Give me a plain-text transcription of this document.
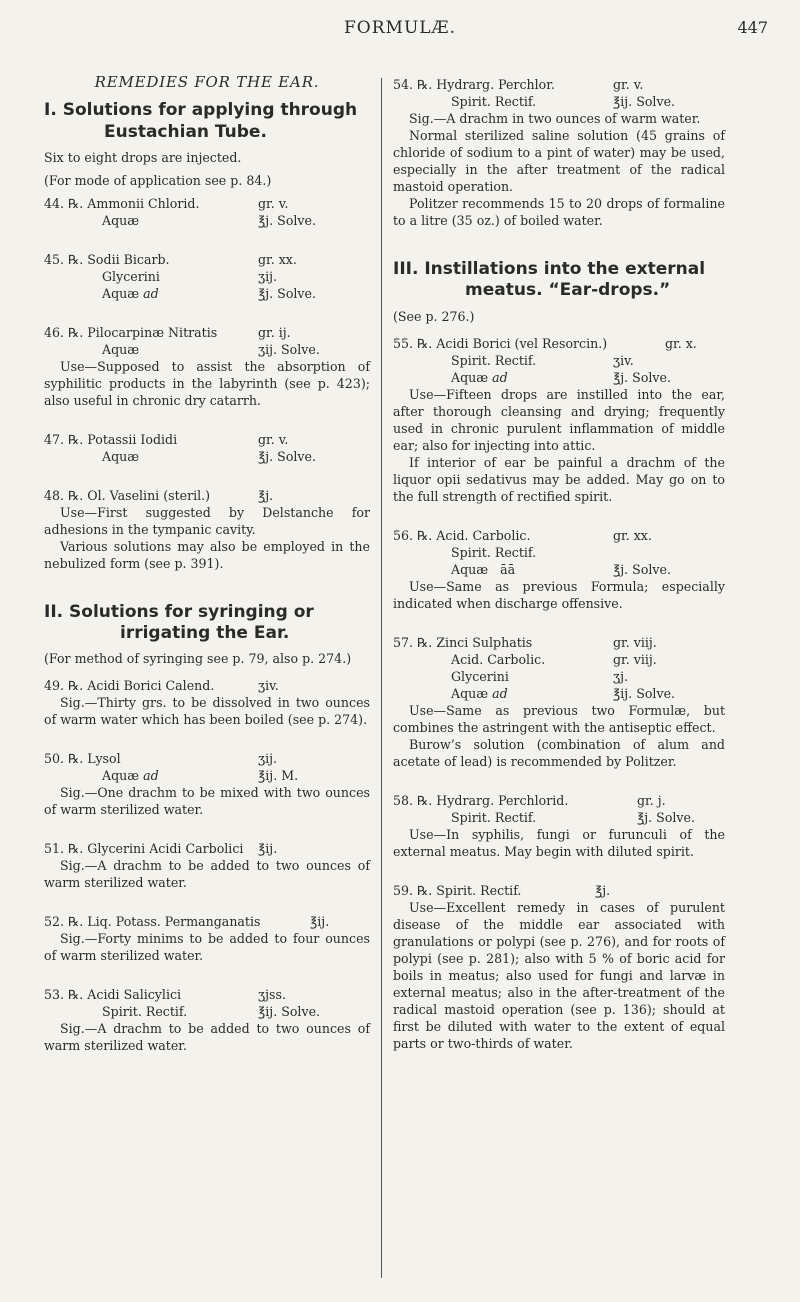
FORMULÆ.	447
REMEDIES FOR THE EAR.
I. Solutions for applying through
Eustachian Tube.

Six to eight drops are injected.

(For mode of application see p. 84.)

44. ℞. Ammonii Chlorid.	gr. v.
Aquæ	℥j. Solve.
45. ℞. Sodii Bicarb.	gr. xx.
Glycerini	ʒij.
Aquæ ad	℥j. Solve.
46. ℞. Pilocarpinæ Nitratis	gr. ij.
Aquæ	ʒij. Solve.

Use—Supposed to assist the absorption of syphilitic products in the labyrinth (see p. 423); also useful in chronic dry catarrh.

47. ℞. Potassii Iodidi	gr. v.
Aquæ	℥j. Solve.
48. ℞. Ol. Vaselini (steril.)	℥j.

Use—First suggested by Delstanche for adhesions in the tympanic cavity.

Various solutions may also be employed in the nebulized form (see p. 391).

II. Solutions for syringing or
irrigating the Ear.

(For method of syringing see p. 79, also p. 274.)

49. ℞. Acidi Borici Calend.	ʒiv.

Sig.—Thirty grs. to be dissolved in two ounces of warm water which has been boiled (see p. 274).

50. ℞. Lysol	ʒij.
Aquæ ad	℥ij. M.

Sig.—One drachm to be mixed with two ounces of warm sterilized water.

51. ℞. Glycerini Acidi Carbolici	℥ij.

Sig.—A drachm to be added to two ounces of warm sterilized water.

52. ℞. Liq. Potass. Permanganatis	℥ij.

Sig.—Forty minims to be added to four ounces of warm sterilized water.

53. ℞. Acidi Salicylici	ʒjss.
Spirit. Rectif.	℥ij. Solve.

Sig.—A drachm to be added to two ounces of warm sterilized water.

54. ℞. Hydrarg. Perchlor.	gr. v.
Spirit. Rectif.	℥ij. Solve.

Sig.—A drachm in two ounces of warm water.

Normal sterilized saline solution (45 grains of chloride of sodium to a pint of water) may be used, especially in the after treatment of the radical mastoid operation.

Politzer recommends 15 to 20 drops of formaline to a litre (35 oz.) of boiled water.

III. Instillations into the external
meatus. “Ear-drops.”

(See p. 276.)

55. ℞. Acidi Borici (vel Resorcin.)	gr. x.
Spirit. Rectif.	ʒiv.
Aquæ ad	℥j. Solve.

Use—Fifteen drops are instilled into the ear, after thorough cleansing and drying; frequently used in chronic purulent inflammation of middle ear; also for injecting into attic.

If interior of ear be painful a drachm of the liquor opii sedativus may be added. May go on to the full strength of rectified spirit.

56. ℞. Acid. Carbolic.	gr. xx.
Spirit. Rectif.
Aquæ āā	℥j. Solve.

Use—Same as previous Formula; especially indicated when discharge offensive.

57. ℞. Zinci Sulphatis	gr. viij.
Acid. Carbolic.	gr. viij.
Glycerini	ʒj.
Aquæ ad	℥ij. Solve.

Use—Same as previous two Formulæ, but combines the astringent with the antiseptic effect.

Burow’s solution (combination of alum and acetate of lead) is recommended by Politzer.

58. ℞. Hydrarg. Perchlorid.	gr. j.
Spirit. Rectif.	℥j. Solve.

Use—In syphilis, fungi or furunculi of the external meatus. May begin with diluted spirit.

59. ℞. Spirit. Rectif.	℥j.

Use—Excellent remedy in cases of purulent disease of the middle ear associated with granulations or polypi (see p. 276), and for roots of polypi (see p. 281); also with 5 % of boric acid for boils in meatus; also used for fungi and larvæ in external meatus; also in the after-treatment of the radical mastoid operation (see p. 136); should at first be diluted with water to the extent of equal parts or two-thirds of water.
